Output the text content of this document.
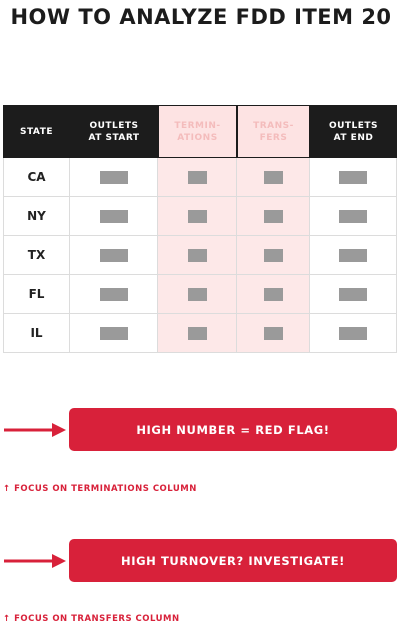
HOW TO ANALYZE FDD ITEM 20
STATE
CA
NY
TX
FL
IL
OUTLETS
AT START
TERMIN-
ATIONS
TRANS-
FERS
OUTLETS
AT END
HIGH NUMBER = RED FLAG!
↑ FOCUS ON TERMINATIONS COLUMN
HIGH TURNOVER? INVESTIGATE!
↑ FOCUS ON TRANSFERS COLUMN
